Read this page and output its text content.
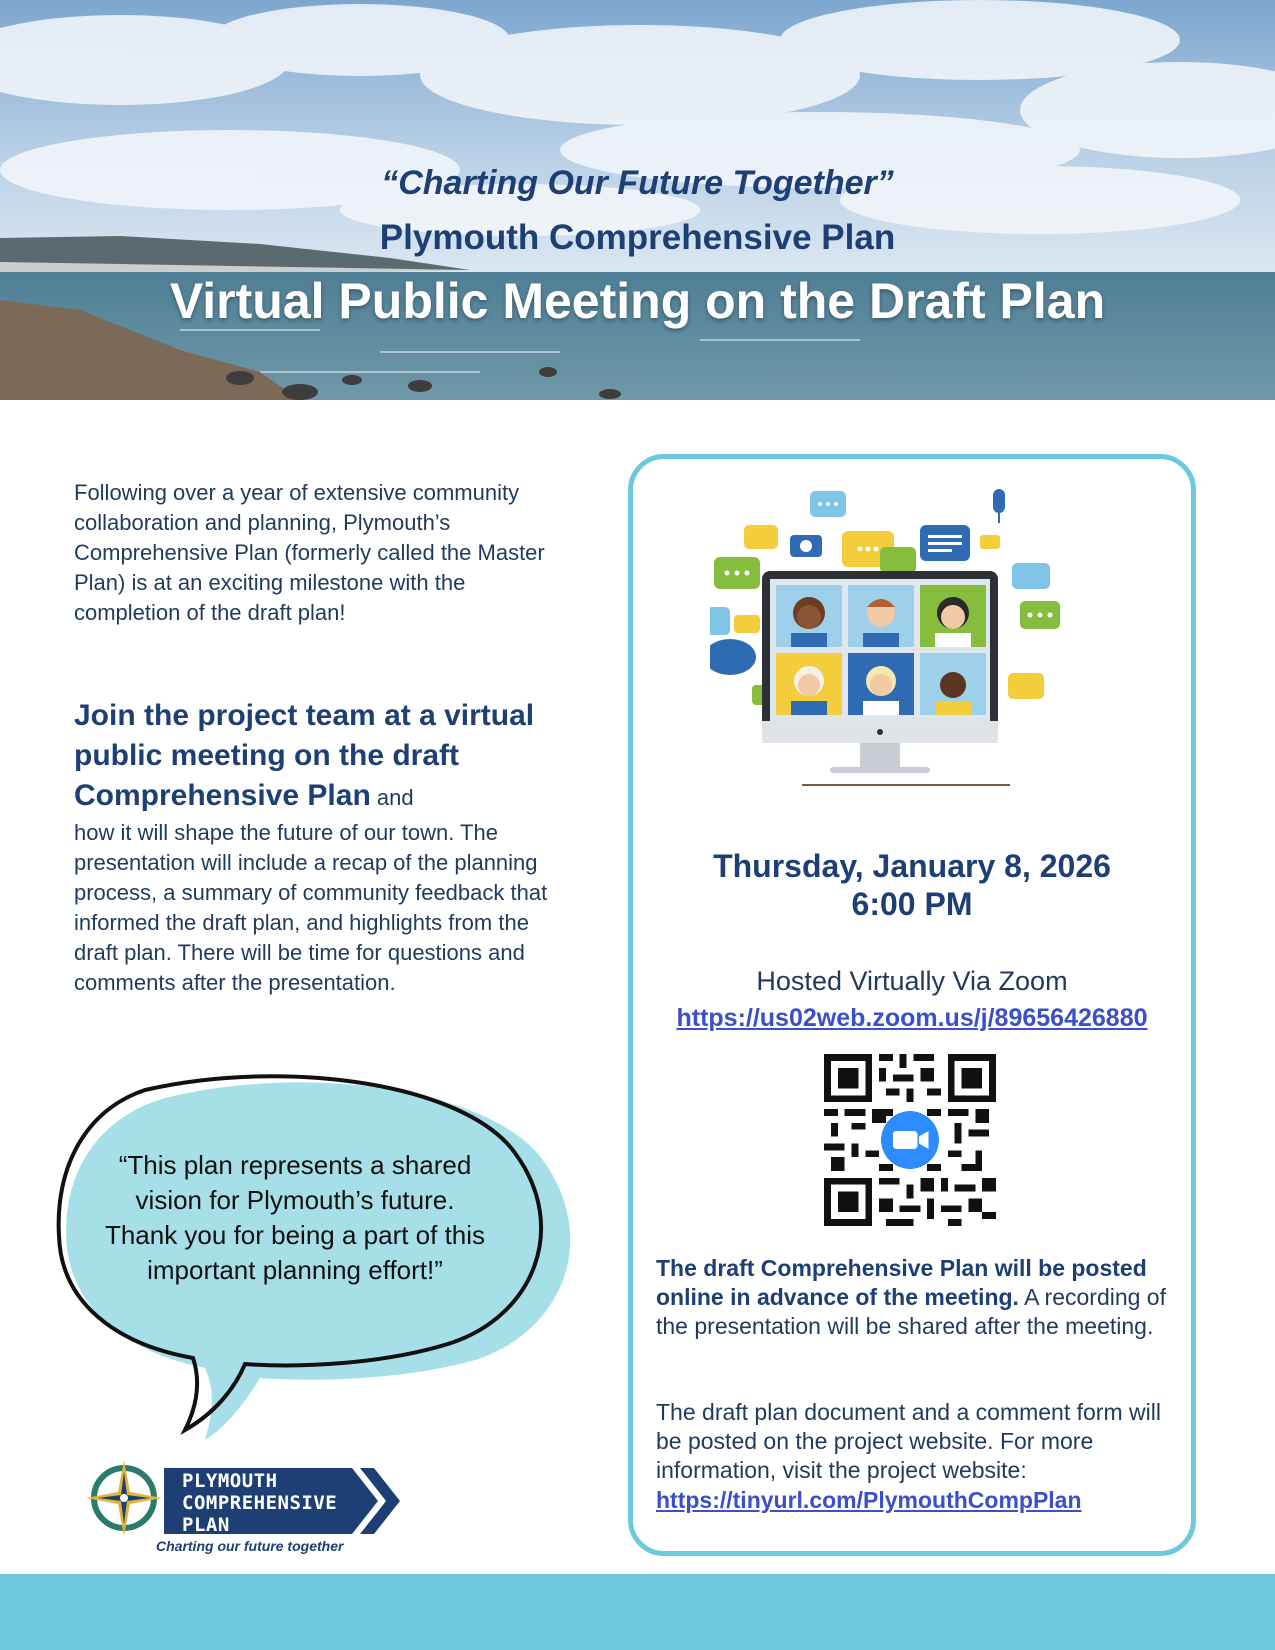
“Charting Our Future Together”
Plymouth Comprehensive Plan
Virtual Public Meeting on the Draft Plan

Following over a year of extensive community collaboration and planning, Plymouth’s Comprehensive Plan (formerly called the Master Plan) is at an exciting milestone with the completion of the draft plan!

Join the project team at a virtual public meeting on the draft Comprehensive Plan and

how it will shape the future of our town. The presentation will include a recap of the planning process, a summary of community feedback that informed the draft plan, and highlights from the draft plan. There will be time for questions and comments after the presentation.

“This plan represents a shared vision for Plymouth’s future. Thank you for being a part of this important planning effort!”

PLYMOUTH
COMPREHENSIVE
PLAN
Charting our future together
Thursday, January 8, 2026
6:00 PM
Hosted Virtually Via Zoom
https://us02web.zoom.us/j/89656426880

The draft Comprehensive Plan will be posted online in advance of the meeting. A recording of the presentation will be shared after the meeting.

The draft plan document and a comment form will be posted on the project website. For more information, visit the project website:

https://tinyurl.com/PlymouthCompPlan
